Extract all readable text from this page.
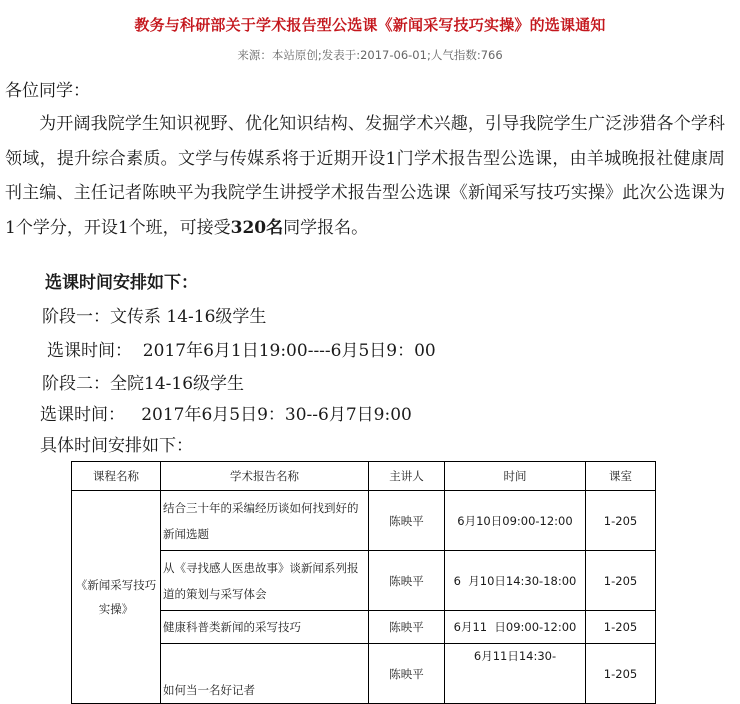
教务与科研部关于学术报告型公选课《新闻采写技巧实操》的选课通知
来源：本站原创;发表于:2017-06-01;人气指数:766
各位同学：
为开阔我院学生知识视野、优化知识结构、发掘学术兴趣，引导我院学生广泛涉猎各个学科领域，提升综合素质。文学与传媒系将于近期开设1门学术报告型公选课，由羊城晚报社健康周刊主编、主任记者陈映平为我院学生讲授学术报告型公选课《新闻采写技巧实操》此次公选课为1个学分，开设1个班，可接受320名同学报名。
选课时间安排如下：
阶段一：文传系 14-16级学生
选课时间：  2017年6月1日19:00----6月5日9：00
阶段二：全院14-16级学生
选课时间：   2017年6月5日9：30--6月7日9:00
具体时间安排如下：
课程名称	学术报告名称	主讲人	时间	课室
《新闻采写技巧实操》	结合三十年的采编经历谈如何找到好的新闻选题	陈映平	6月10日09:00-12:00	1-205
	从《寻找感人医患故事》谈新闻系列报道的策划与采写体会	陈映平	6  月10日14:30-18:00	1-205
	健康科普类新闻的采写技巧	陈映平	6月11  日09:00-12:00	1-205
	如何当一名好记者	陈映平	6月11日14:30-	1-205
